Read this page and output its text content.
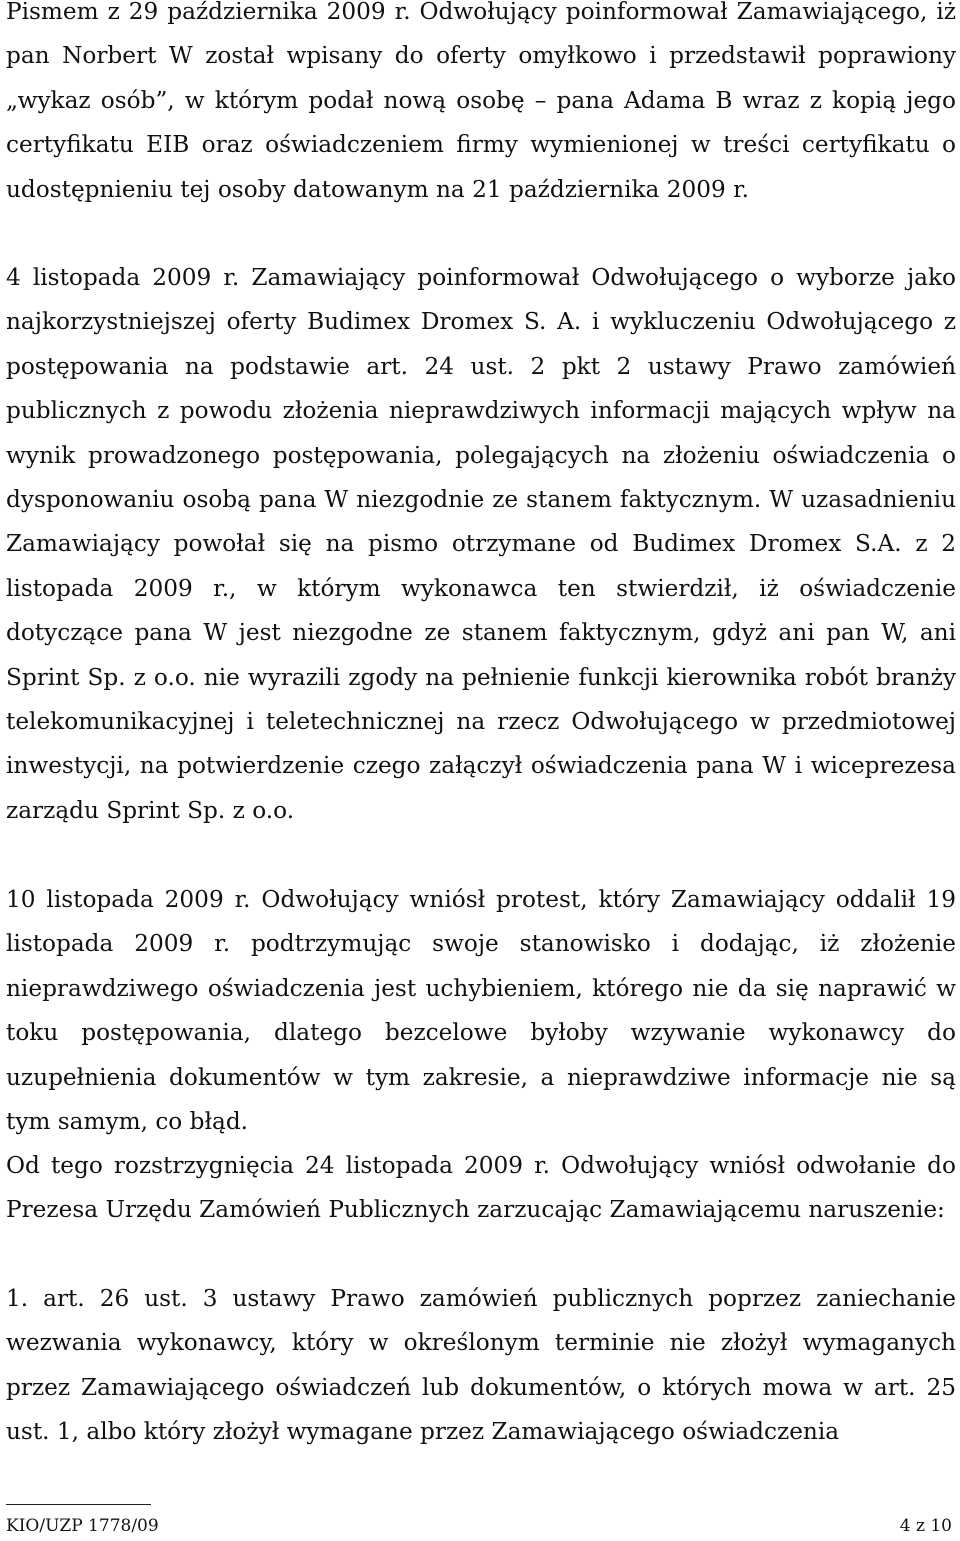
Pismem z 29 października 2009 r. Odwołujący poinformował Zamawiającego, iż pan Norbert W został wpisany do oferty omyłkowo i przedstawił poprawiony „wykaz osób”, w którym podał nową osobę – pana Adama B wraz z kopią jego certyfikatu EIB oraz oświadczeniem firmy wymienionej w treści certyfikatu o udostępnieniu tej osoby datowanym na 21 października 2009 r.

4 listopada 2009 r. Zamawiający poinformował Odwołującego o wyborze jako najkorzystniejszej oferty Budimex Dromex S. A. i wykluczeniu Odwołującego z postępowania na podstawie art. 24 ust. 2 pkt 2 ustawy Prawo zamówień publicznych z powodu złożenia nieprawdziwych informacji mających wpływ na wynik prowadzonego postępowania, polegających na złożeniu oświadczenia o dysponowaniu osobą pana W niezgodnie ze stanem faktycznym. W uzasadnieniu Zamawiający powołał się na pismo otrzymane od Budimex Dromex S.A. z 2 listopada 2009 r., w którym wykonawca ten stwierdził, iż oświadczenie dotyczące pana W jest niezgodne ze stanem faktycznym, gdyż ani pan W, ani Sprint Sp. z o.o. nie wyrazili zgody na pełnienie funkcji kierownika robót branży telekomunikacyjnej i teletechnicznej na rzecz Odwołującego w przedmiotowej inwestycji, na potwierdzenie czego załączył oświadczenia pana W i wiceprezesa zarządu Sprint Sp. z o.o.

10 listopada 2009 r. Odwołujący wniósł protest, który Zamawiający oddalił 19 listopada 2009 r. podtrzymując swoje stanowisko i dodając, iż złożenie nieprawdziwego oświadczenia jest uchybieniem, którego nie da się naprawić w toku postępowania, dlatego bezcelowe byłoby wzywanie wykonawcy do uzupełnienia dokumentów w tym zakresie, a nieprawdziwe informacje nie są tym samym, co błąd.

Od tego rozstrzygnięcia 24 listopada 2009 r. Odwołujący wniósł odwołanie do Prezesa Urzędu Zamówień Publicznych zarzucając Zamawiającemu naruszenie:

1. art. 26 ust. 3 ustawy Prawo zamówień publicznych poprzez zaniechanie wezwania wykonawcy, który w określonym terminie nie złożył wymaganych przez Zamawiającego oświadczeń lub dokumentów, o których mowa w art. 25 ust. 1, albo który złożył wymagane przez Zamawiającego oświadczenia

KIO/UZP 1778/09	4 z 10
